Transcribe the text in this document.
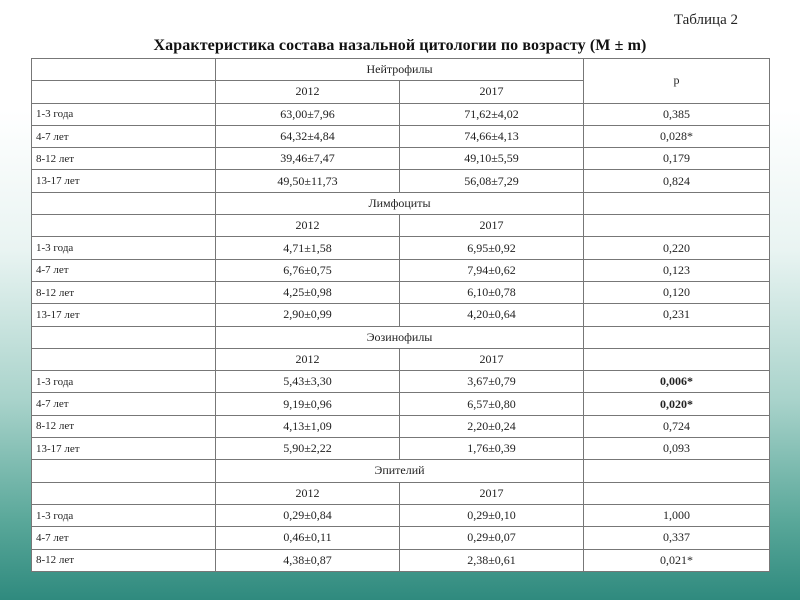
Таблица 2
Характеристика состава назальной цитологии по возрасту (M ± m)
	Нейтрофилы		p
	2012	2017	
1-3 года	63,00±7,96	71,62±4,02	0,385
4-7 лет	64,32±4,84	74,66±4,13	0,028*
8-12 лет	39,46±7,47	49,10±5,59	0,179
13-17 лет	49,50±11,73	56,08±7,29	0,824
	Лимфоциты		
	2012	2017	
1-3 года	4,71±1,58	6,95±0,92	0,220
4-7 лет	6,76±0,75	7,94±0,62	0,123
8-12 лет	4,25±0,98	6,10±0,78	0,120
13-17 лет	2,90±0,99	4,20±0,64	0,231
	Эозинофилы		
	2012	2017	
1-3 года	5,43±3,30	3,67±0,79	0,006*
4-7 лет	9,19±0,96	6,57±0,80	0,020*
8-12 лет	4,13±1,09	2,20±0,24	0,724
13-17 лет	5,90±2,22	1,76±0,39	0,093
	Эпителий		
	2012	2017	
1-3 года	0,29±0,84	0,29±0,10	1,000
4-7 лет	0,46±0,11	0,29±0,07	0,337
8-12 лет	4,38±0,87	2,38±0,61	0,021*
